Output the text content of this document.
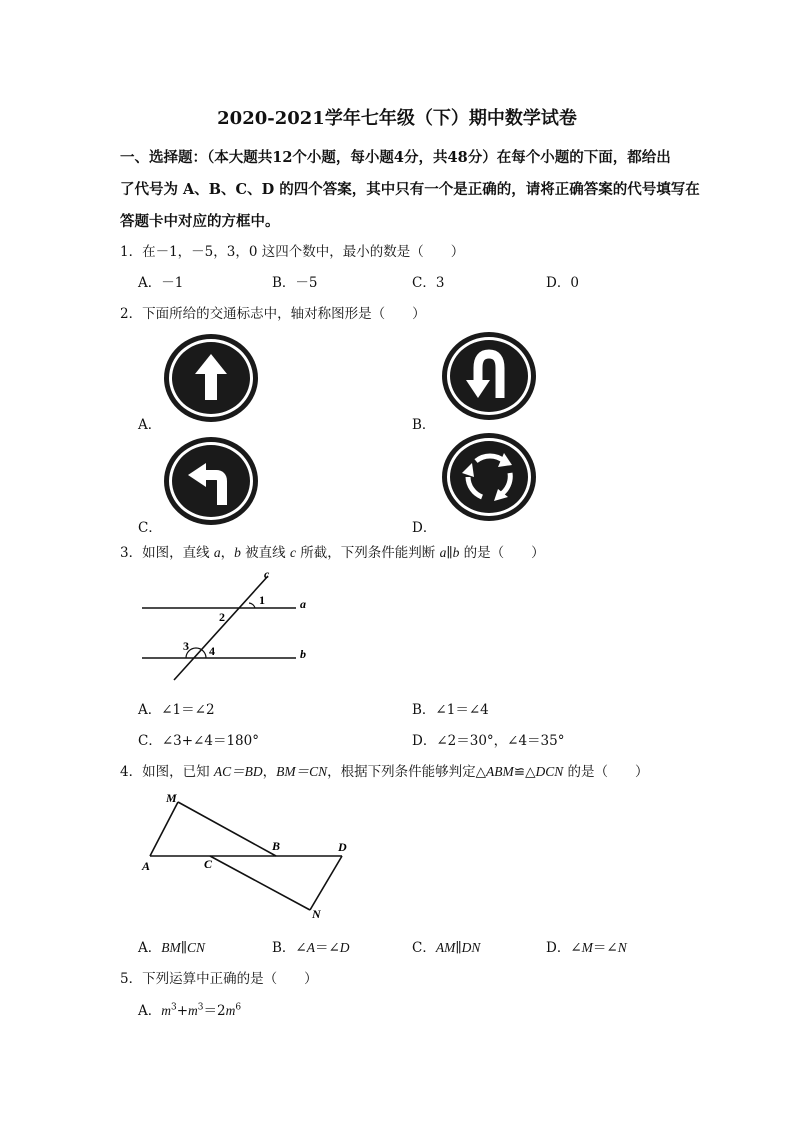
2020-2021学年七年级（下）期中数学试卷
一、选择题：（本大题共12个小题，每小题4分，共48分）在每个小题的下面，都给出
了代号为 A、B、C、D 的四个答案，其中只有一个是正确的，请将正确答案的代号填写在
答题卡中对应的方框中。
1．在－1，－5，3，0 这四个数中，最小的数是（　　）
A．－1	B．－5	C．3	D．0
2．下面所给的交通标志中，轴对称图形是（　　）
A．	B．
C．	D．
3．如图，直线 a，b 被直线 c 所截，下列条件能判断 a∥b 的是（　　）
c
a
b
1
2
3 4
A．∠1＝∠2	B．∠1＝∠4
C．∠3+∠4＝180°	D．∠2＝30°，∠4＝35°
4．如图，已知 AC＝BD，BM＝CN，根据下列条件能够判定△ABM≌△DCN 的是（　　）
M
A	C
B	D
N
A．BM∥CN	B．∠A＝∠D	C．AM∥DN	D．∠M＝∠N
5．下列运算中正确的是（　　）
A．$m^3+m^3=2m^6$
